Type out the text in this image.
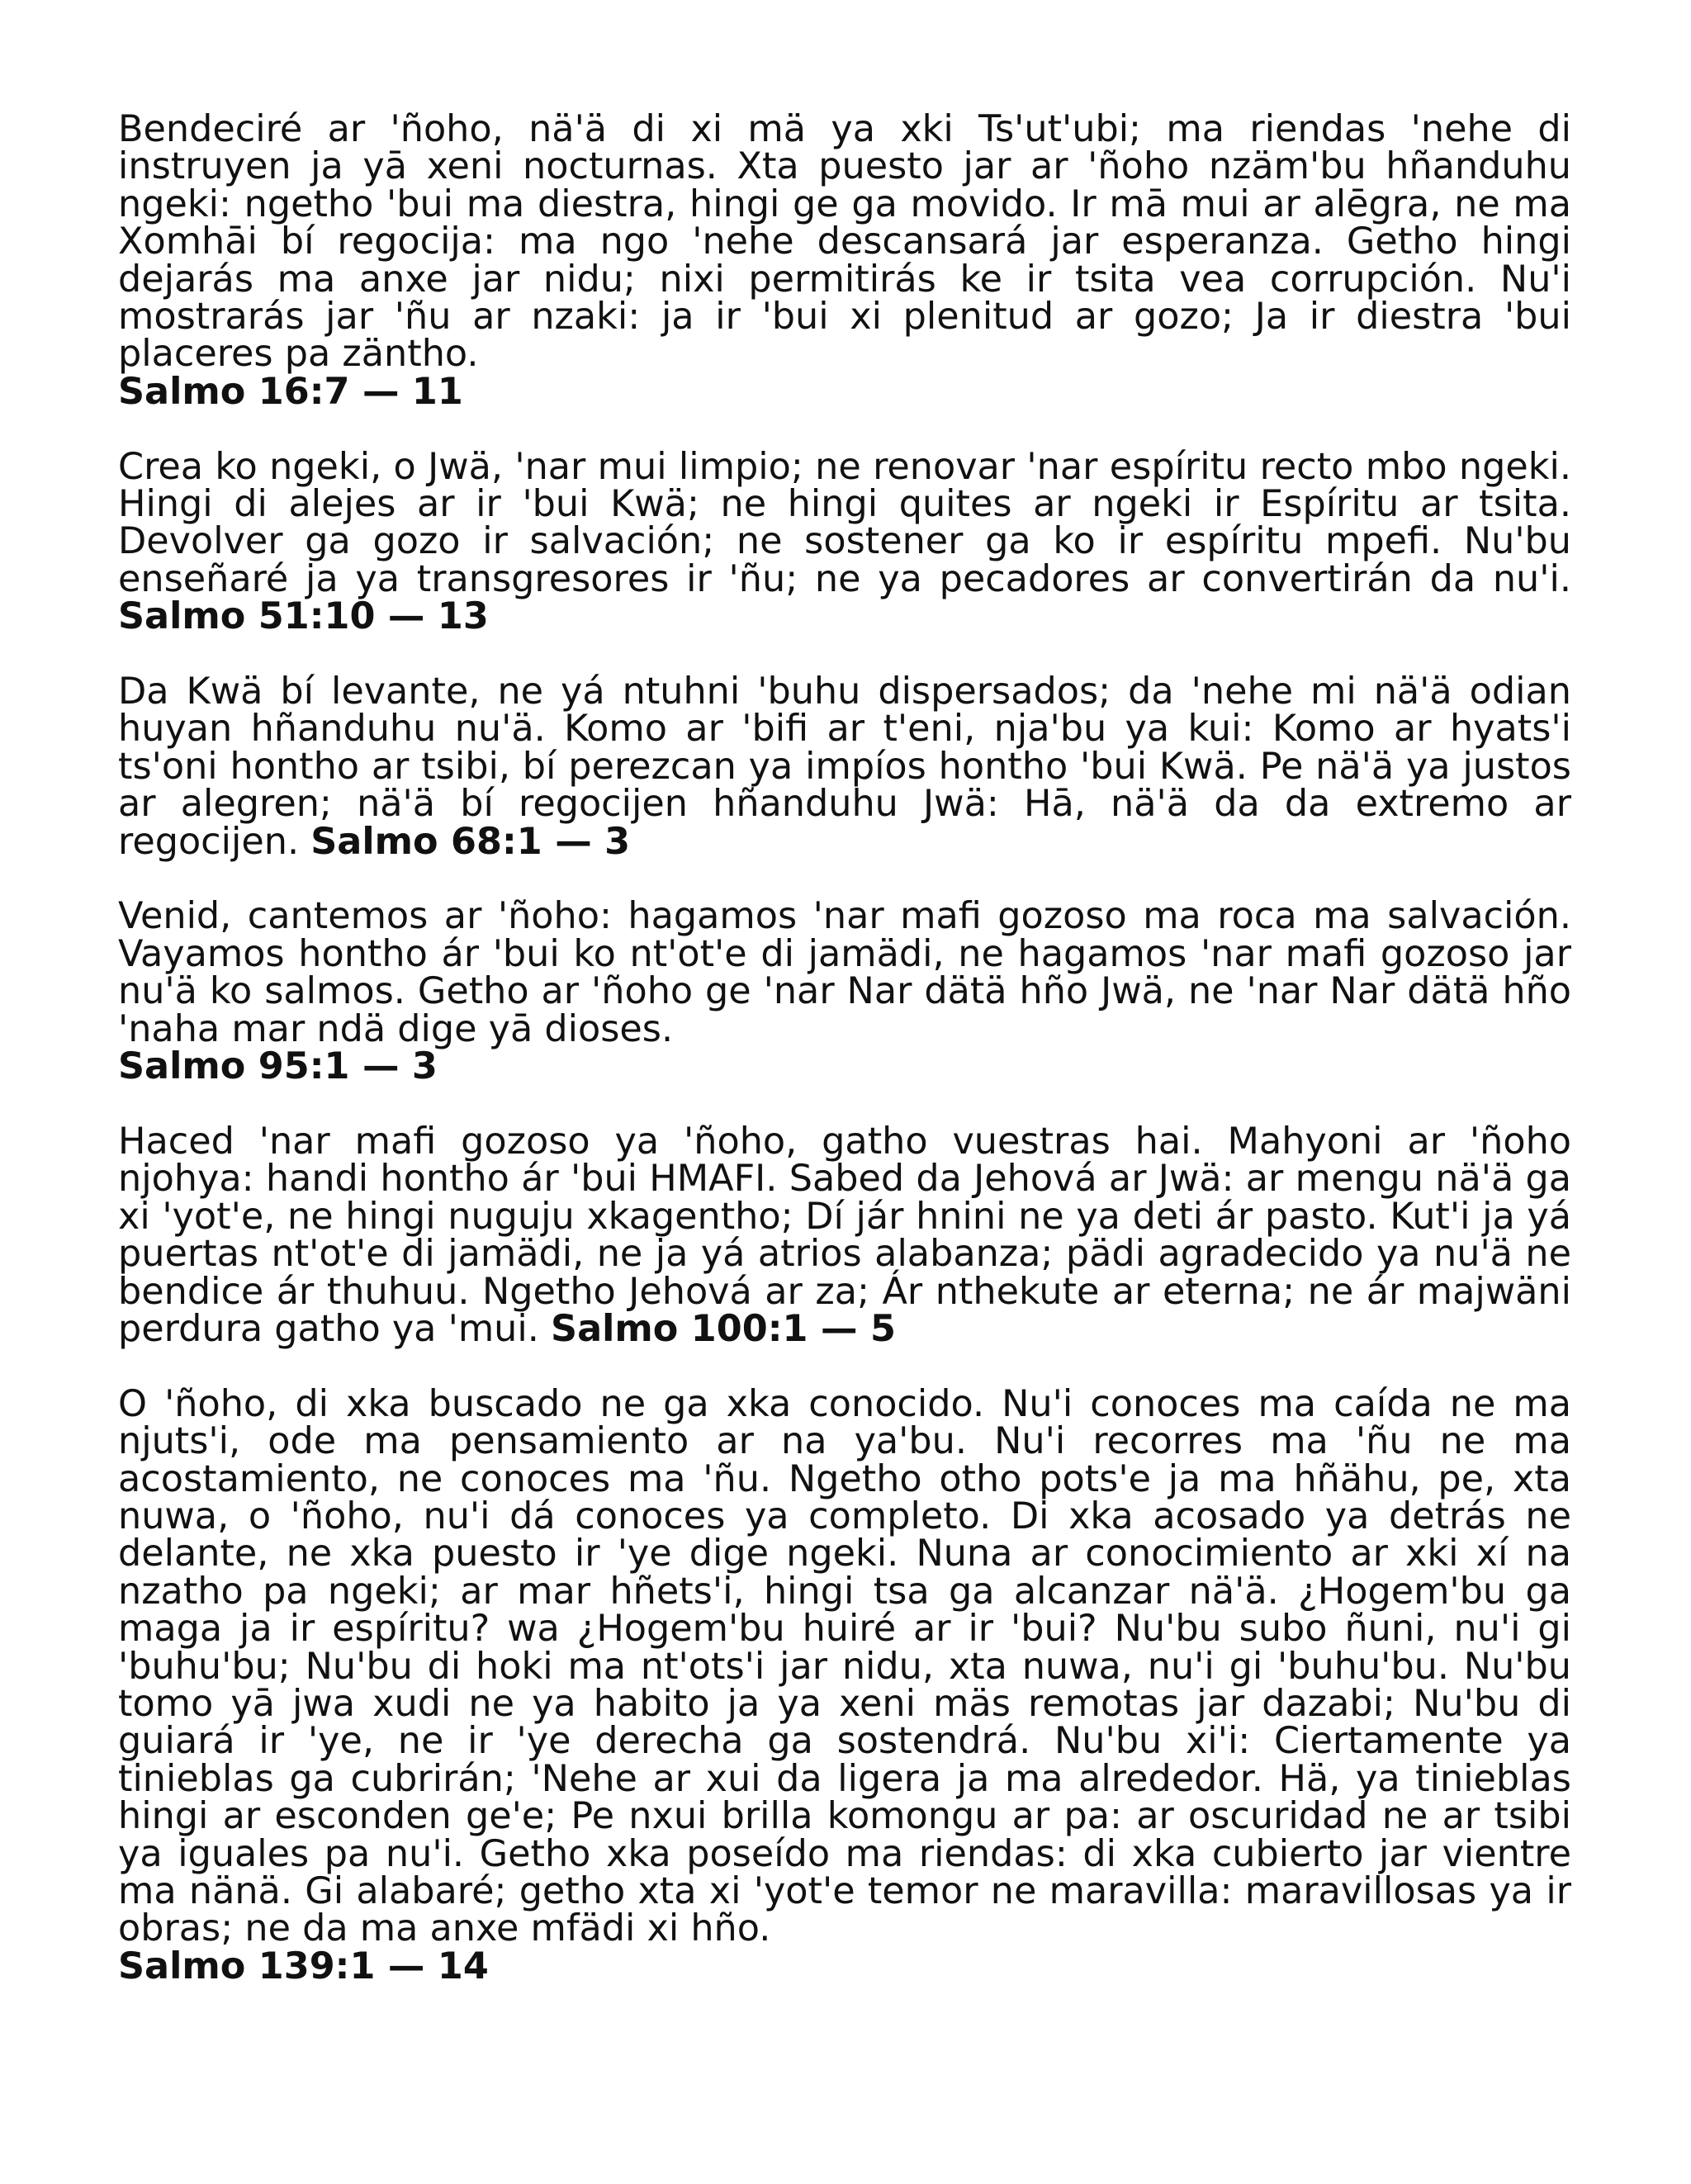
Bendeciré ar 'ñoho, nä'ä di xi mä ya xki Ts'ut'ubi; ma riendas 'nehe di instruyen ja yā xeni nocturnas. Xta puesto jar ar 'ñoho nzäm'bu hñanduhu ngeki: ngetho 'bui ma diestra, hingi ge ga movido. Ir mā mui ar alēgra, ne ma Xomhāi bí regocija: ma ngo 'nehe descansará jar esperanza. Getho hingi dejarás ma anxe jar nidu; nixi permitirás ke ir tsita vea corrupción. Nu'i mostrarás jar 'ñu ar nzaki: ja ir 'bui xi plenitud ar gozo; Ja ir diestra 'bui placeres pa zäntho.
Salmo 16:7 — 11

Crea ko ngeki, o Jwä, 'nar mui limpio; ne renovar 'nar espíritu recto mbo ngeki. Hingi di alejes ar ir 'bui Kwä; ne hingi quites ar ngeki ir Espíritu ar tsita. Devolver ga gozo ir salvación; ne sostener ga ko ir espíritu mpefi. Nu'bu enseñaré ja ya transgresores ir 'ñu; ne ya pecadores ar convertirán da nu'i. Salmo 51:10 — 13

Da Kwä bí levante, ne yá ntuhni 'buhu dispersados; da 'nehe mi nä'ä odian huyan hñanduhu nu'ä. Komo ar 'bifi ar t'eni, nja'bu ya kui: Komo ar hyats'i ts'oni hontho ar tsibi, bí perezcan ya impíos hontho 'bui Kwä. Pe nä'ä ya justos ar alegren; nä'ä bí regocijen hñanduhu Jwä: Hā, nä'ä da da extremo ar regocijen. Salmo 68:1 — 3

Venid, cantemos ar 'ñoho: hagamos 'nar mafi gozoso ma roca ma salvación. Vayamos hontho ár 'bui ko nt'ot'e di jamädi, ne hagamos 'nar mafi gozoso jar nu'ä ko salmos. Getho ar 'ñoho ge 'nar Nar dätä hño Jwä, ne 'nar Nar dätä hño 'naha mar ndä dige yā dioses.
Salmo 95:1 — 3

Haced 'nar mafi gozoso ya 'ñoho, gatho vuestras hai. Mahyoni ar 'ñoho njohya: handi hontho ár 'bui HMAFI. Sabed da Jehová ar Jwä: ar mengu nä'ä ga xi 'yot'e, ne hingi nuguju xkagentho; Dí jár hnini ne ya deti ár pasto. Kut'i ja yá puertas nt'ot'e di jamädi, ne ja yá atrios alabanza; pädi agradecido ya nu'ä ne bendice ár thuhuu. Ngetho Jehová ar za; Ár nthekute ar eterna; ne ár majwäni perdura gatho ya 'mui. Salmo 100:1 — 5

O 'ñoho, di xka buscado ne ga xka conocido. Nu'i conoces ma caída ne ma njuts'i, ode ma pensamiento ar na ya'bu. Nu'i recorres ma 'ñu ne ma acostamiento, ne conoces ma 'ñu. Ngetho otho pots'e ja ma hñähu, pe, xta nuwa, o 'ñoho, nu'i dá conoces ya completo. Di xka acosado ya detrás ne delante, ne xka puesto ir 'ye dige ngeki. Nuna ar conocimiento ar xki xí na nzatho pa ngeki; ar mar hñets'i, hingi tsa ga alcanzar nä'ä. ¿Hogem'bu ga maga ja ir espíritu? wa ¿Hogem'bu huiré ar ir 'bui? Nu'bu subo ñuni, nu'i gi 'buhu'bu; Nu'bu di hoki ma nt'ots'i jar nidu, xta nuwa, nu'i gi 'buhu'bu. Nu'bu tomo yā jwa xudi ne ya habito ja ya xeni mäs remotas jar dazabi; Nu'bu di guiará ir 'ye, ne ir 'ye derecha ga sostendrá. Nu'bu xi'i: Ciertamente ya tinieblas ga cubrirán; 'Nehe ar xui da ligera ja ma alrededor. Hä, ya tinieblas hingi ar esconden ge'e; Pe nxui brilla komongu ar pa: ar oscuridad ne ar tsibi ya iguales pa nu'i. Getho xka poseído ma riendas: di xka cubierto jar vientre ma nänä. Gi alabaré; getho xta xi 'yot'e temor ne maravilla: maravillosas ya ir obras; ne da ma anxe mfädi xi hño.
Salmo 139:1 — 14
